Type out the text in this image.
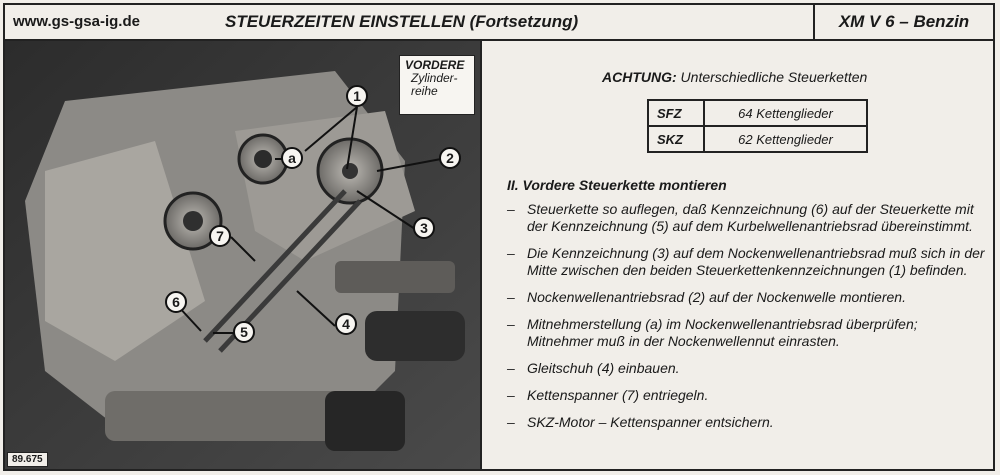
www.gs-gsa-ig.de	STEUERZEITEN EINSTELLEN (Fortsetzung)	XM V 6 – Benzin
1
2
3
4
5
6
7
a
VORDERE
Zylinder-
reihe
89.675
ACHTUNG: Unterschiedliche Steuerketten
SFZ	64 Kettenglieder
SKZ	62 Kettenglieder
II. Vordere Steuerkette montieren
– Steuerkette so auflegen, daß Kennzeichnung (6) auf der Steuerkette mit der Kennzeichnung (5) auf dem Kurbelwellenantriebsrad übereinstimmt.
– Die Kennzeichnung (3) auf dem Nockenwellenantriebsrad muß sich in der Mitte zwischen den beiden Steuerkettenkennzeichnungen (1) befinden.
– Nockenwellenantriebsrad (2) auf der Nockenwelle montieren.
– Mitnehmerstellung (a) im Nockenwellenantriebsrad überprüfen; Mitnehmer muß in der Nockenwellennut einrasten.
– Gleitschuh (4) einbauen.
– Kettenspanner (7) entriegeln.
– SKZ-Motor – Kettenspanner entsichern.
